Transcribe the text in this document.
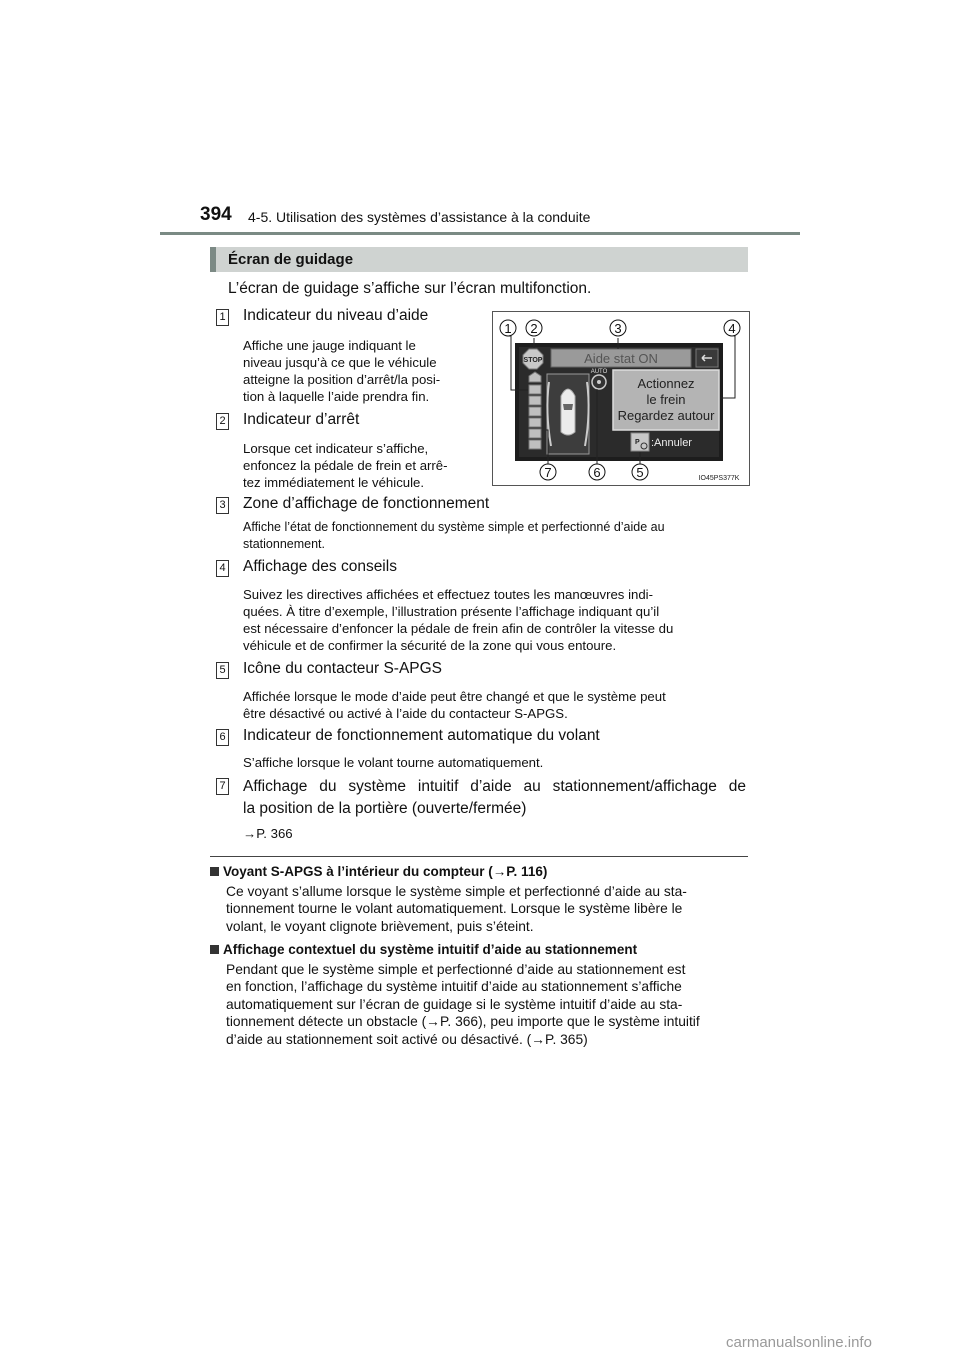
394 4-5. Utilisation des systèmes d’assistance à la conduite
Écran de guidage
L’écran de guidage s’affiche sur l’écran multifonction.
1 Indicateur du niveau d’aide
Affiche une jauge indiquant le
niveau jusqu’à ce que le véhicule
atteigne la position d’arrêt/la posi-
tion à laquelle l’aide prendra fin.
2 Indicateur d’arrêt
Lorsque cet indicateur s’affiche,
enfoncez la pédale de frein et arrê-
tez immédiatement le véhicule.
STOP	Aide stat ON
AUTO
Actionnez
le frein
Regardez autour
P :Annuler
1 2	3	4
7	6	5	IO45PS377K
3 Zone d’affichage de fonctionnement
Affiche l’état de fonctionnement du système simple et perfectionné d’aide au
stationnement.
4 Affichage des conseils
Suivez les directives affichées et effectuez toutes les manœuvres indi-
quées. À titre d’exemple, l’illustration présente l’affichage indiquant qu’il
est nécessaire d’enfoncer la pédale de frein afin de contrôler la vitesse du
véhicule et de confirmer la sécurité de la zone qui vous entoure.
5 Icône du contacteur S-APGS
Affichée lorsque le mode d’aide peut être changé et que le système peut
être désactivé ou activé à l’aide du contacteur S-APGS.
6 Indicateur de fonctionnement automatique du volant
S’affiche lorsque le volant tourne automatiquement.
7 Affichage du système intuitif d’aide au stationnement/affichage de
la position de la portière (ouverte/fermée)
→P. 366
Voyant S-APGS à l’intérieur du compteur (→P. 116)
Ce voyant s’allume lorsque le système simple et perfectionné d’aide au sta-
tionnement tourne le volant automatiquement. Lorsque le système libère le
volant, le voyant clignote brièvement, puis s’éteint.
Affichage contextuel du système intuitif d’aide au stationnement
Pendant que le système simple et perfectionné d’aide au stationnement est
en fonction, l’affichage du système intuitif d’aide au stationnement s’affiche
automatiquement sur l’écran de guidage si le système intuitif d’aide au sta-
tionnement détecte un obstacle (→P. 366), peu importe que le système intuitif
d’aide au stationnement soit activé ou désactivé. (→P. 365)
carmanualsonline.info
